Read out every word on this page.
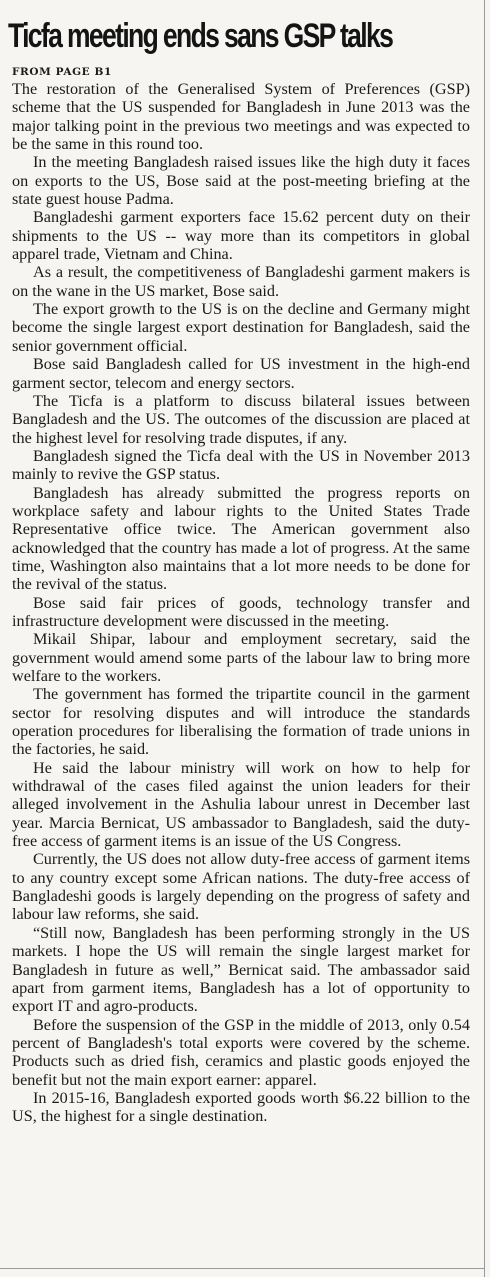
Ticfa meeting ends sans GSP talks
FROM PAGE B1

The restoration of the Generalised System of Preferences (GSP) scheme that the US suspended for Bangladesh in June 2013 was the major talking point in the previous two meetings and was expected to be the same in this round too.

In the meeting Bangladesh raised issues like the high duty it faces on exports to the US, Bose said at the post-meeting briefing at the state guest house Padma.

Bangladeshi garment exporters face 15.62 percent duty on their shipments to the US -- way more than its competitors in global apparel trade, Vietnam and China.

As a result, the competitiveness of Bangladeshi garment makers is on the wane in the US market, Bose said.

The export growth to the US is on the decline and Germany might become the single largest export destination for Bangladesh, said the senior government official.

Bose said Bangladesh called for US investment in the high-end garment sector, telecom and energy sectors.

The Ticfa is a platform to discuss bilateral issues between Bangladesh and the US. The outcomes of the discussion are placed at the highest level for resolving trade disputes, if any.

Bangladesh signed the Ticfa deal with the US in November 2013 mainly to revive the GSP status.

Bangladesh has already submitted the progress reports on workplace safety and labour rights to the United States Trade Representative office twice. The American government also acknowledged that the country has made a lot of progress. At the same time, Washington also maintains that a lot more needs to be done for the revival of the status.

Bose said fair prices of goods, technology transfer and infrastructure development were discussed in the meeting.

Mikail Shipar, labour and employment secretary, said the government would amend some parts of the labour law to bring more welfare to the workers.

The government has formed the tripartite council in the garment sector for resolving disputes and will introduce the standards operation procedures for liberalising the formation of trade unions in the factories, he said.

He said the labour ministry will work on how to help for withdrawal of the cases filed against the union leaders for their alleged involvement in the Ashulia labour unrest in December last year. Marcia Bernicat, US ambassador to Bangladesh, said the duty-free access of garment items is an issue of the US Congress.

Currently, the US does not allow duty-free access of garment items to any country except some African nations. The duty-free access of Bangladeshi goods is largely depending on the progress of safety and labour law reforms, she said.

“Still now, Bangladesh has been performing strongly in the US markets. I hope the US will remain the single largest market for Bangladesh in future as well,” Bernicat said. The ambassador said apart from garment items, Bangladesh has a lot of opportunity to export IT and agro-products.

Before the suspension of the GSP in the middle of 2013, only 0.54 percent of Bangladesh's total exports were covered by the scheme. Products such as dried fish, ceramics and plastic goods enjoyed the benefit but not the main export earner: apparel.

In 2015-16, Bangladesh exported goods worth $6.22 billion to the US, the highest for a single destination.
